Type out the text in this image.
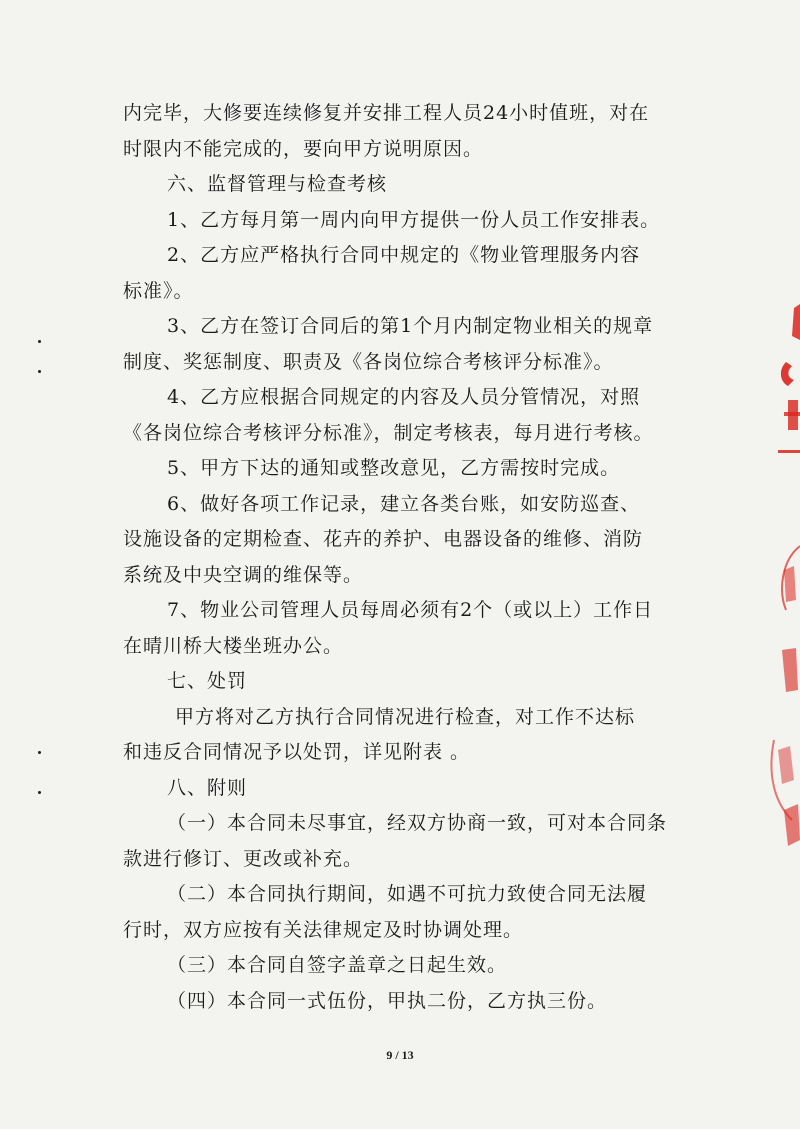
内完毕，大修要连续修复并安排工程人员24小时值班，对在
时限内不能完成的，要向甲方说明原因。
六、监督管理与检查考核
1、乙方每月第一周内向甲方提供一份人员工作安排表。
2、乙方应严格执行合同中规定的《物业管理服务内容
标准》。
3、乙方在签订合同后的第1个月内制定物业相关的规章
制度、奖惩制度、职责及《各岗位综合考核评分标准》。
4、乙方应根据合同规定的内容及人员分管情况，对照
《各岗位综合考核评分标准》，制定考核表，每月进行考核。
5、甲方下达的通知或整改意见，乙方需按时完成。
6、做好各项工作记录，建立各类台账，如安防巡查、
设施设备的定期检查、花卉的养护、电器设备的维修、消防
系统及中央空调的维保等。
7、物业公司管理人员每周必须有2个（或以上）工作日
在晴川桥大楼坐班办公。
七、处罚
甲方将对乙方执行合同情况进行检查，对工作不达标
和违反合同情况予以处罚，详见附表 。
八、附则
（一）本合同未尽事宜，经双方协商一致，可对本合同条
款进行修订、更改或补充。
（二）本合同执行期间，如遇不可抗力致使合同无法履
行时，双方应按有关法律规定及时协调处理。
（三）本合同自签字盖章之日起生效。
（四）本合同一式伍份，甲执二份，乙方执三份。
9 / 13
